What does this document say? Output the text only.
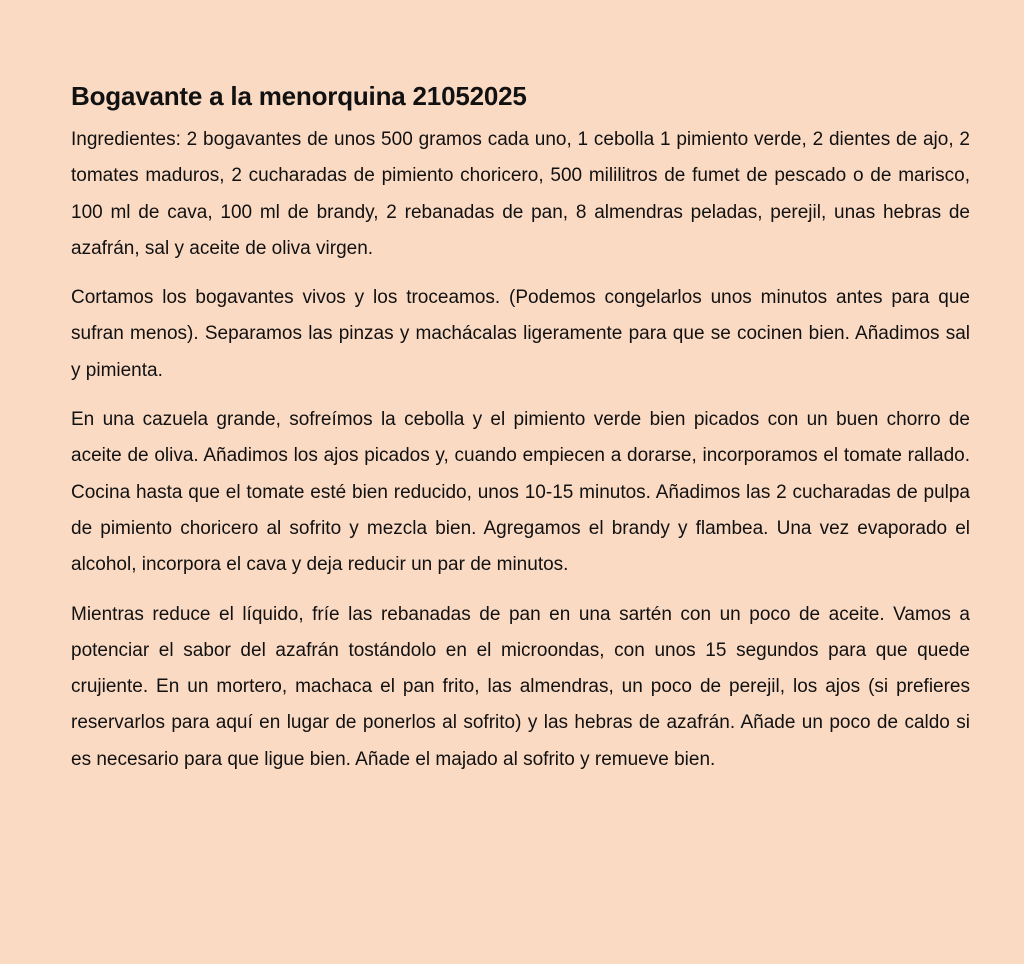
Bogavante a la menorquina 21052025

Ingredientes: 2 bogavantes de unos 500 gramos cada uno, 1 cebolla 1 pimiento verde, 2 dientes de ajo, 2 tomates maduros, 2 cucharadas de pimiento choricero, 500 mililitros de fumet de pescado o de marisco, 100 ml de cava, 100 ml de brandy, 2 rebanadas de pan, 8 almendras peladas, perejil, unas hebras de azafrán, sal y aceite de oliva virgen.

Cortamos los bogavantes vivos y los troceamos. (Podemos congelarlos unos minutos antes para que sufran menos). Separamos las pinzas y machácalas ligeramente para que se cocinen bien. Añadimos sal y pimienta.

En una cazuela grande, sofreímos la cebolla y el pimiento verde bien picados con un buen chorro de aceite de oliva. Añadimos los ajos picados y, cuando empiecen a dorarse, incorporamos el tomate rallado. Cocina hasta que el tomate esté bien reducido, unos 10-15 minutos. Añadimos las 2 cucharadas de pulpa de pimiento choricero al sofrito y mezcla bien. Agregamos el brandy y flambea. Una vez evaporado el alcohol, incorpora el cava y deja reducir un par de minutos.

Mientras reduce el líquido, fríe las rebanadas de pan en una sartén con un poco de aceite. Vamos a potenciar el sabor del azafrán tostándolo en el microondas, con unos 15 segundos para que quede crujiente. En un mortero, machaca el pan frito, las almendras, un poco de perejil, los ajos (si prefieres reservarlos para aquí en lugar de ponerlos al sofrito) y las hebras de azafrán. Añade un poco de caldo si es necesario para que ligue bien. Añade el majado al sofrito y remueve bien.
